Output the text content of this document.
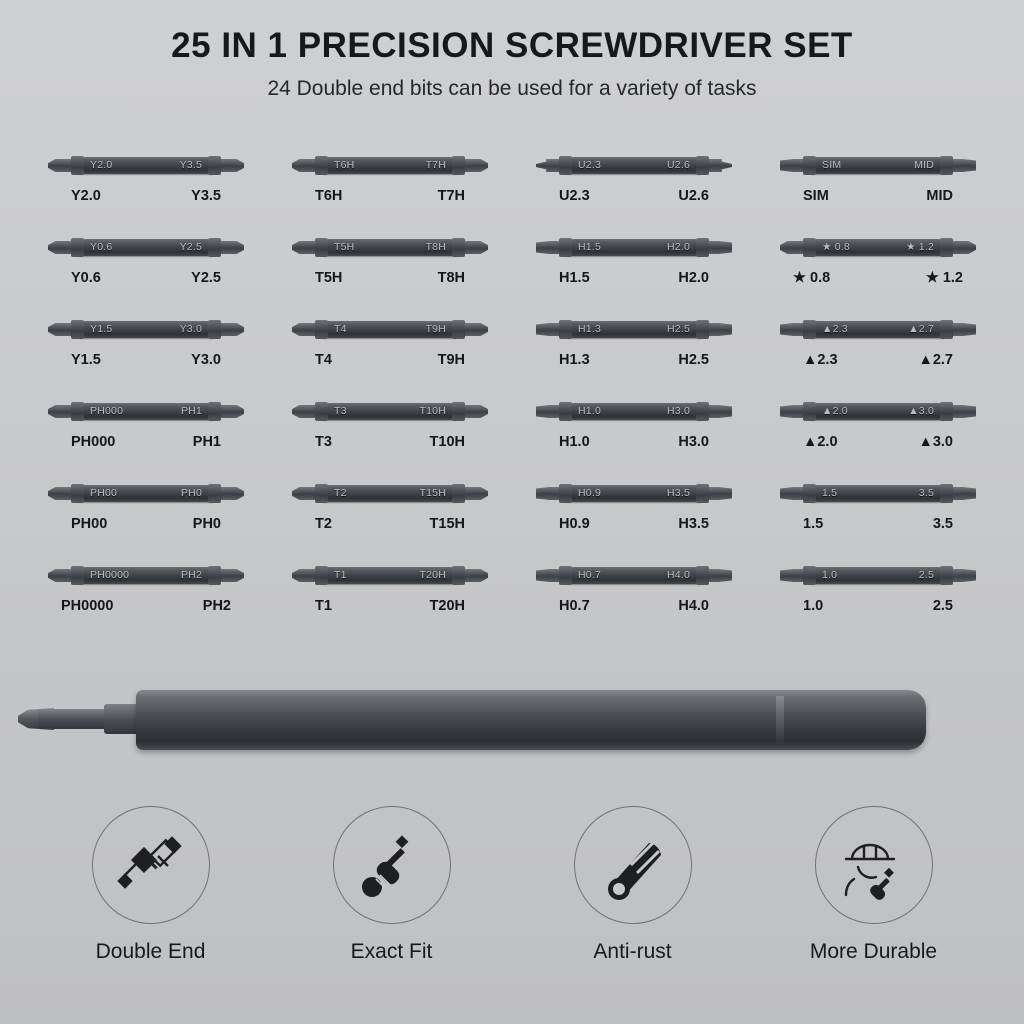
25 IN 1 PRECISION SCREWDRIVER SET
24 Double end bits can be used for a variety of tasks
Y2.0	Y3.5
Y2.0	Y3.5
T6H	T7H
T6H	T7H
U2.3	U2.6
U2.3	U2.6
SIM	MID
SIM	MID
Y0.6	Y2.5
Y0.6	Y2.5
T5H	T8H
T5H	T8H
H1.5	H2.0
H1.5	H2.0
★ 0.8	★ 1.2
★ 0.8	★ 1.2
Y1.5	Y3.0
Y1.5	Y3.0
T4	T9H
T4	T9H
H1.3	H2.5
H1.3	H2.5
▲2.3	▲2.7
▲2.3	▲2.7
PH000	PH1
PH000	PH1
T3	T10H
T3	T10H
H1.0	H3.0
H1.0	H3.0
▲2.0	▲3.0
▲2.0	▲3.0
PH00	PH0
PH00	PH0
T2	T15H
T2	T15H
H0.9	H3.5
H0.9	H3.5
1.5	3.5
1.5	3.5
PH0000	PH2
PH0000	PH2
T1	T20H
T1	T20H
H0.7	H4.0
H0.7	H4.0
1.0	2.5
1.0	2.5
Double End	Exact Fit	Anti-rust	More Durable
